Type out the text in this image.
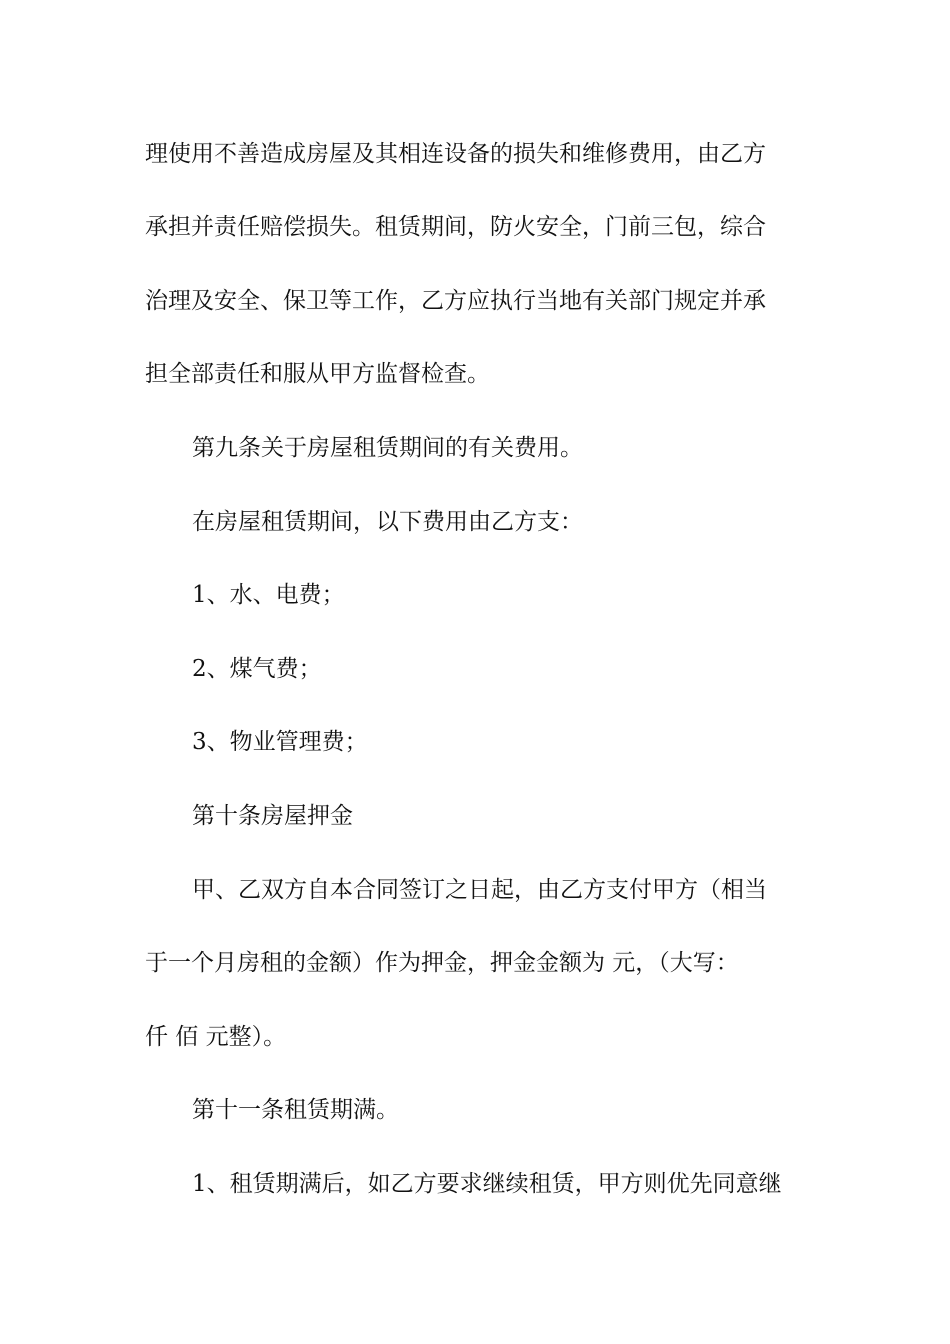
理使用不善造成房屋及其相连设备的损失和维修费用，由乙方

承担并责任赔偿损失。租赁期间，防火安全，门前三包，综合

治理及安全、保卫等工作，乙方应执行当地有关部门规定并承

担全部责任和服从甲方监督检查。

第九条关于房屋租赁期间的有关费用。

在房屋租赁期间，以下费用由乙方支：

1、水、电费；

2、煤气费；

3、物业管理费；

第十条房屋押金

甲、乙双方自本合同签订之日起，由乙方支付甲方（相当

于一个月房租的金额）作为押金，押金金额为 元，（大写：

仟 佰 元整）。

第十一条租赁期满。

1、租赁期满后，如乙方要求继续租赁，甲方则优先同意继
